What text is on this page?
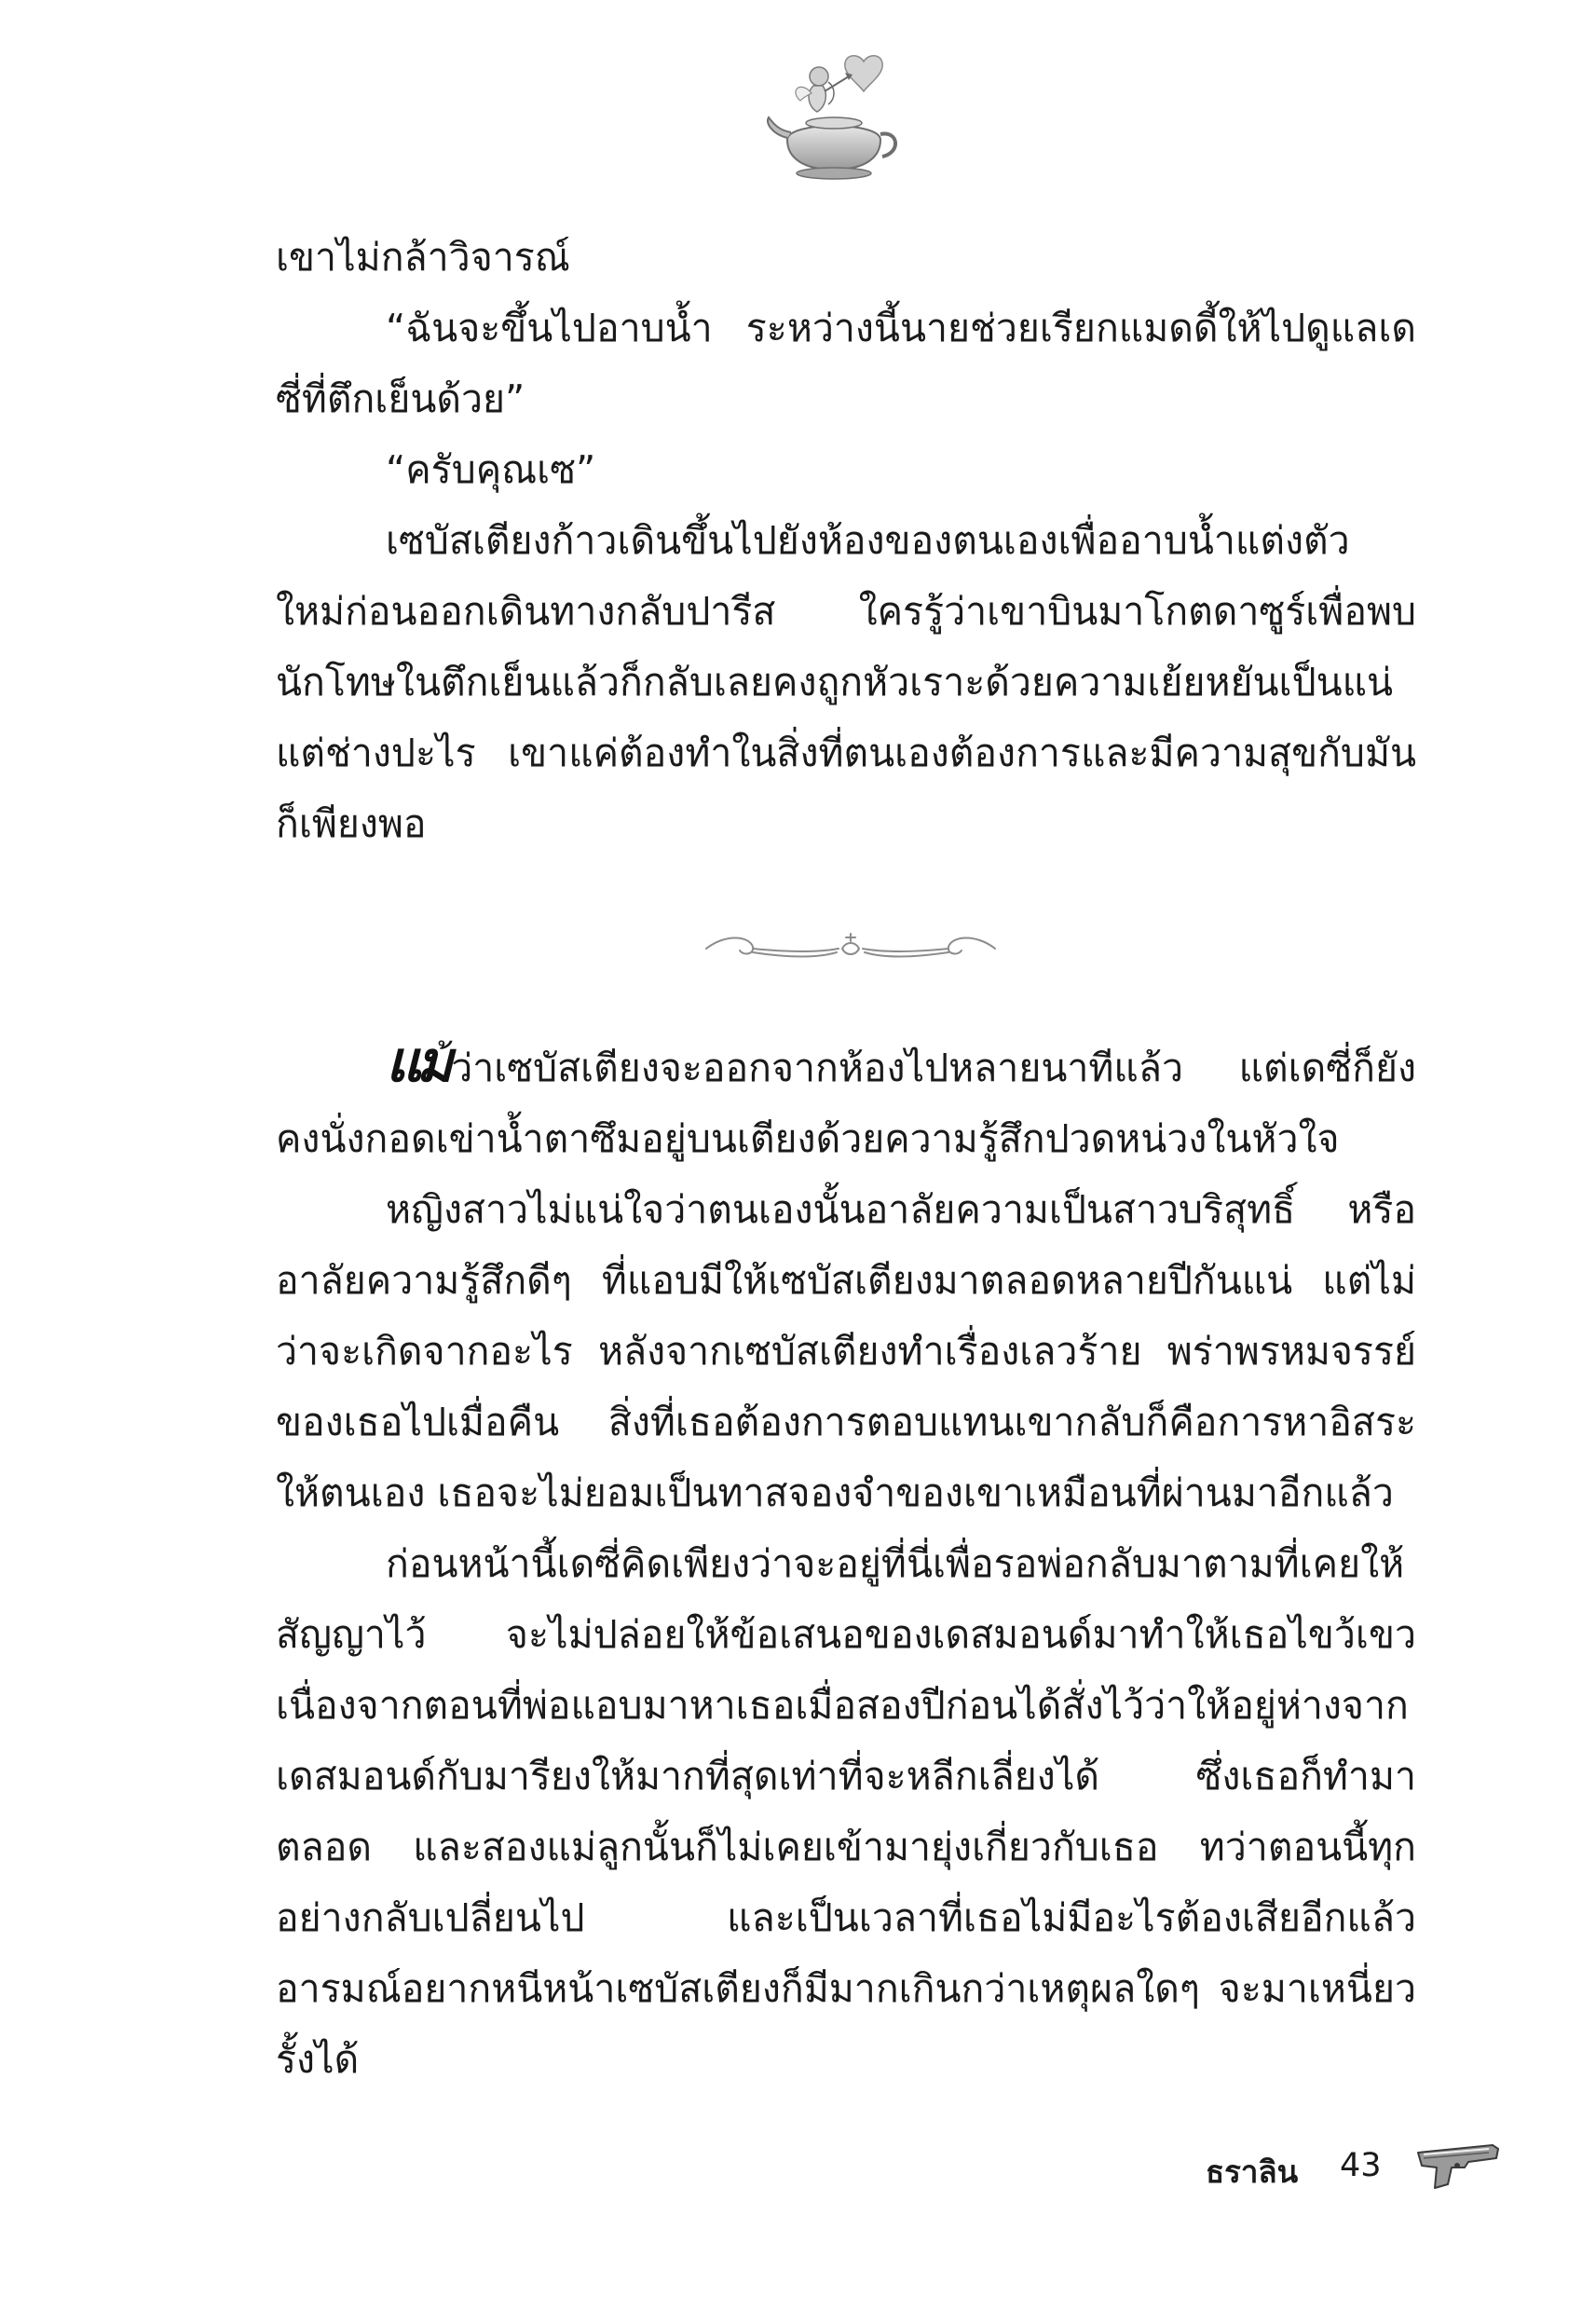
เขาไม่กล้าวิจารณ์

“ฉันจะขึ้นไปอาบน้ำ ระหว่างนี้นายช่วยเรียกแมดดี้ให้ไปดูแลเดซี่ที่ตึกเย็นด้วย”

“ครับคุณเซ”

เซบัสเตียงก้าวเดินขึ้นไปยังห้องของตนเองเพื่ออาบน้ำแต่งตัวใหม่ก่อนออกเดินทางกลับปารีส ใครรู้ว่าเขาบินมาโกตดาซูร์เพื่อพบนักโทษในตึกเย็นแล้วก็กลับเลยคงถูกหัวเราะด้วยความเย้ยหยันเป็นแน่ แต่ช่างปะไร เขาแค่ต้องทำในสิ่งที่ตนเองต้องการและมีความสุขกับมันก็เพียงพอ

แม้ว่าเซบัสเตียงจะออกจากห้องไปหลายนาทีแล้ว แต่เดซี่ก็ยังคงนั่งกอดเข่าน้ำตาซึมอยู่บนเตียงด้วยความรู้สึกปวดหน่วงในหัวใจ

หญิงสาวไม่แน่ใจว่าตนเองนั้นอาลัยความเป็นสาวบริสุทธิ์ หรืออาลัยความรู้สึกดีๆ ที่แอบมีให้เซบัสเตียงมาตลอดหลายปีกันแน่ แต่ไม่ว่าจะเกิดจากอะไร หลังจากเซบัสเตียงทำเรื่องเลวร้าย พร่าพรหมจรรย์ของเธอไปเมื่อคืน สิ่งที่เธอต้องการตอบแทนเขากลับก็คือการหาอิสระให้ตนเอง เธอจะไม่ยอมเป็นทาสจองจำของเขาเหมือนที่ผ่านมาอีกแล้ว

ก่อนหน้านี้เดซี่คิดเพียงว่าจะอยู่ที่นี่เพื่อรอพ่อกลับมาตามที่เคยให้สัญญาไว้ จะไม่ปล่อยให้ข้อเสนอของเดสมอนด์มาทำให้เธอไขว้เขว เนื่องจากตอนที่พ่อแอบมาหาเธอเมื่อสองปีก่อนได้สั่งไว้ว่าให้อยู่ห่างจากเดสมอนด์กับมารียงให้มากที่สุดเท่าที่จะหลีกเลี่ยงได้ ซึ่งเธอก็ทำมาตลอด และสองแม่ลูกนั้นก็ไม่เคยเข้ามายุ่งเกี่ยวกับเธอ ทว่าตอนนี้ทุกอย่างกลับเปลี่ยนไป และเป็นเวลาที่เธอไม่มีอะไรต้องเสียอีกแล้ว อารมณ์อยากหนีหน้าเซบัสเตียงก็มีมากเกินกว่าเหตุผลใดๆ จะมาเหนี่ยวรั้งได้

ธราลิน 43
